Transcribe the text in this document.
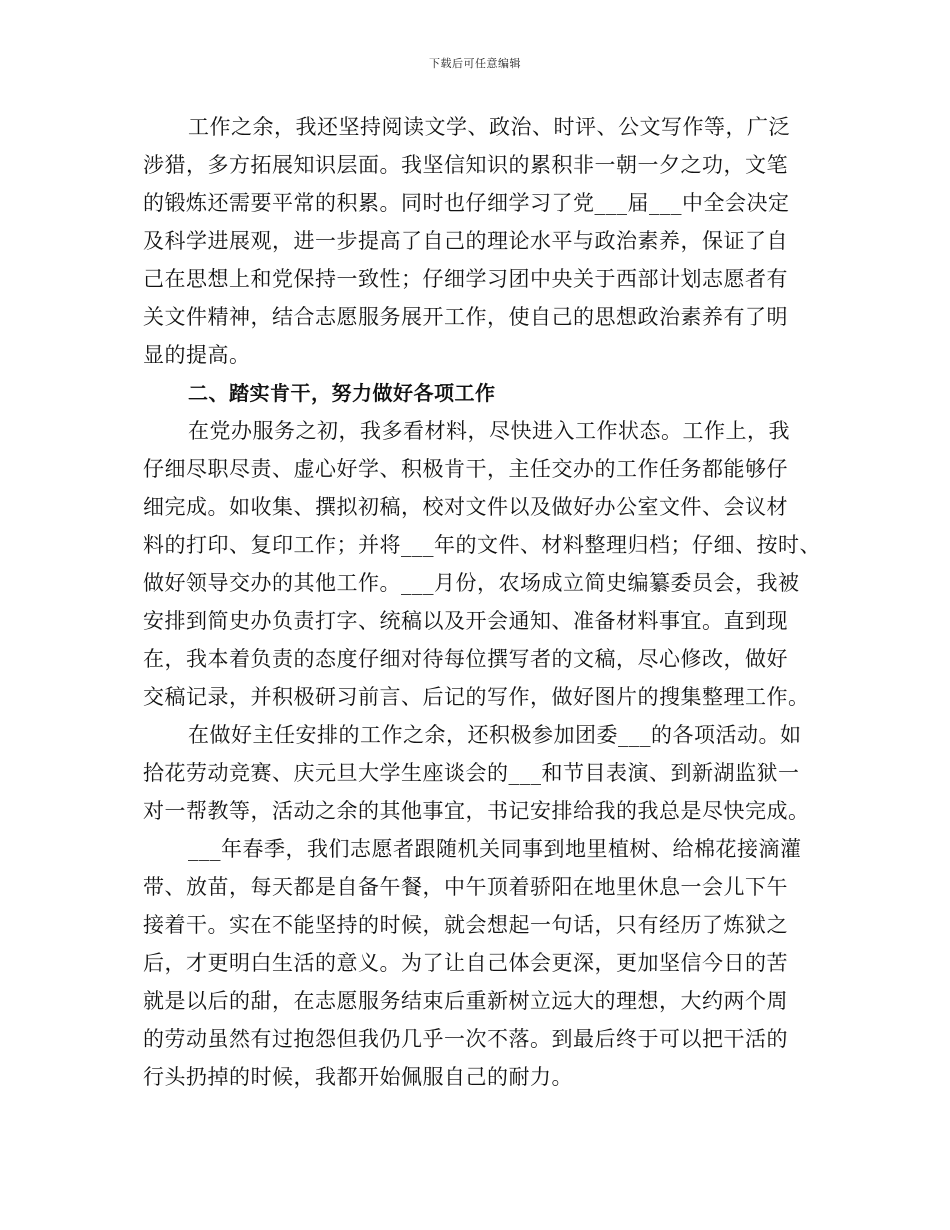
下载后可任意编辑
工作之余，我还坚持阅读文学、政治、时评、公文写作等，广泛
涉猎，多方拓展知识层面。我坚信知识的累积非一朝一夕之功，文笔
的锻炼还需要平常的积累。同时也仔细学习了党___届___中全会决定
及科学进展观，进一步提高了自己的理论水平与政治素养，保证了自
己在思想上和党保持一致性；仔细学习团中央关于西部计划志愿者有
关文件精神，结合志愿服务展开工作，使自己的思想政治素养有了明
显的提高。
二、踏实肯干，努力做好各项工作
在党办服务之初，我多看材料，尽快进入工作状态。工作上，我
仔细尽职尽责、虚心好学、积极肯干，主任交办的工作任务都能够仔
细完成。如收集、撰拟初稿，校对文件以及做好办公室文件、会议材
料的打印、复印工作；并将___年的文件、材料整理归档；仔细、按时、
做好领导交办的其他工作。___月份，农场成立简史编纂委员会，我被
安排到简史办负责打字、统稿以及开会通知、准备材料事宜。直到现
在，我本着负责的态度仔细对待每位撰写者的文稿，尽心修改，做好
交稿记录，并积极研习前言、后记的写作，做好图片的搜集整理工作。
在做好主任安排的工作之余，还积极参加团委___的各项活动。如
拾花劳动竞赛、庆元旦大学生座谈会的___和节目表演、到新湖监狱一
对一帮教等，活动之余的其他事宜，书记安排给我的我总是尽快完成。
___年春季，我们志愿者跟随机关同事到地里植树、给棉花接滴灌
带、放苗，每天都是自备午餐，中午顶着骄阳在地里休息一会儿下午
接着干。实在不能坚持的时候，就会想起一句话，只有经历了炼狱之
后，才更明白生活的意义。为了让自己体会更深，更加坚信今日的苦
就是以后的甜，在志愿服务结束后重新树立远大的理想，大约两个周
的劳动虽然有过抱怨但我仍几乎一次不落。到最后终于可以把干活的
行头扔掉的时候，我都开始佩服自己的耐力。
